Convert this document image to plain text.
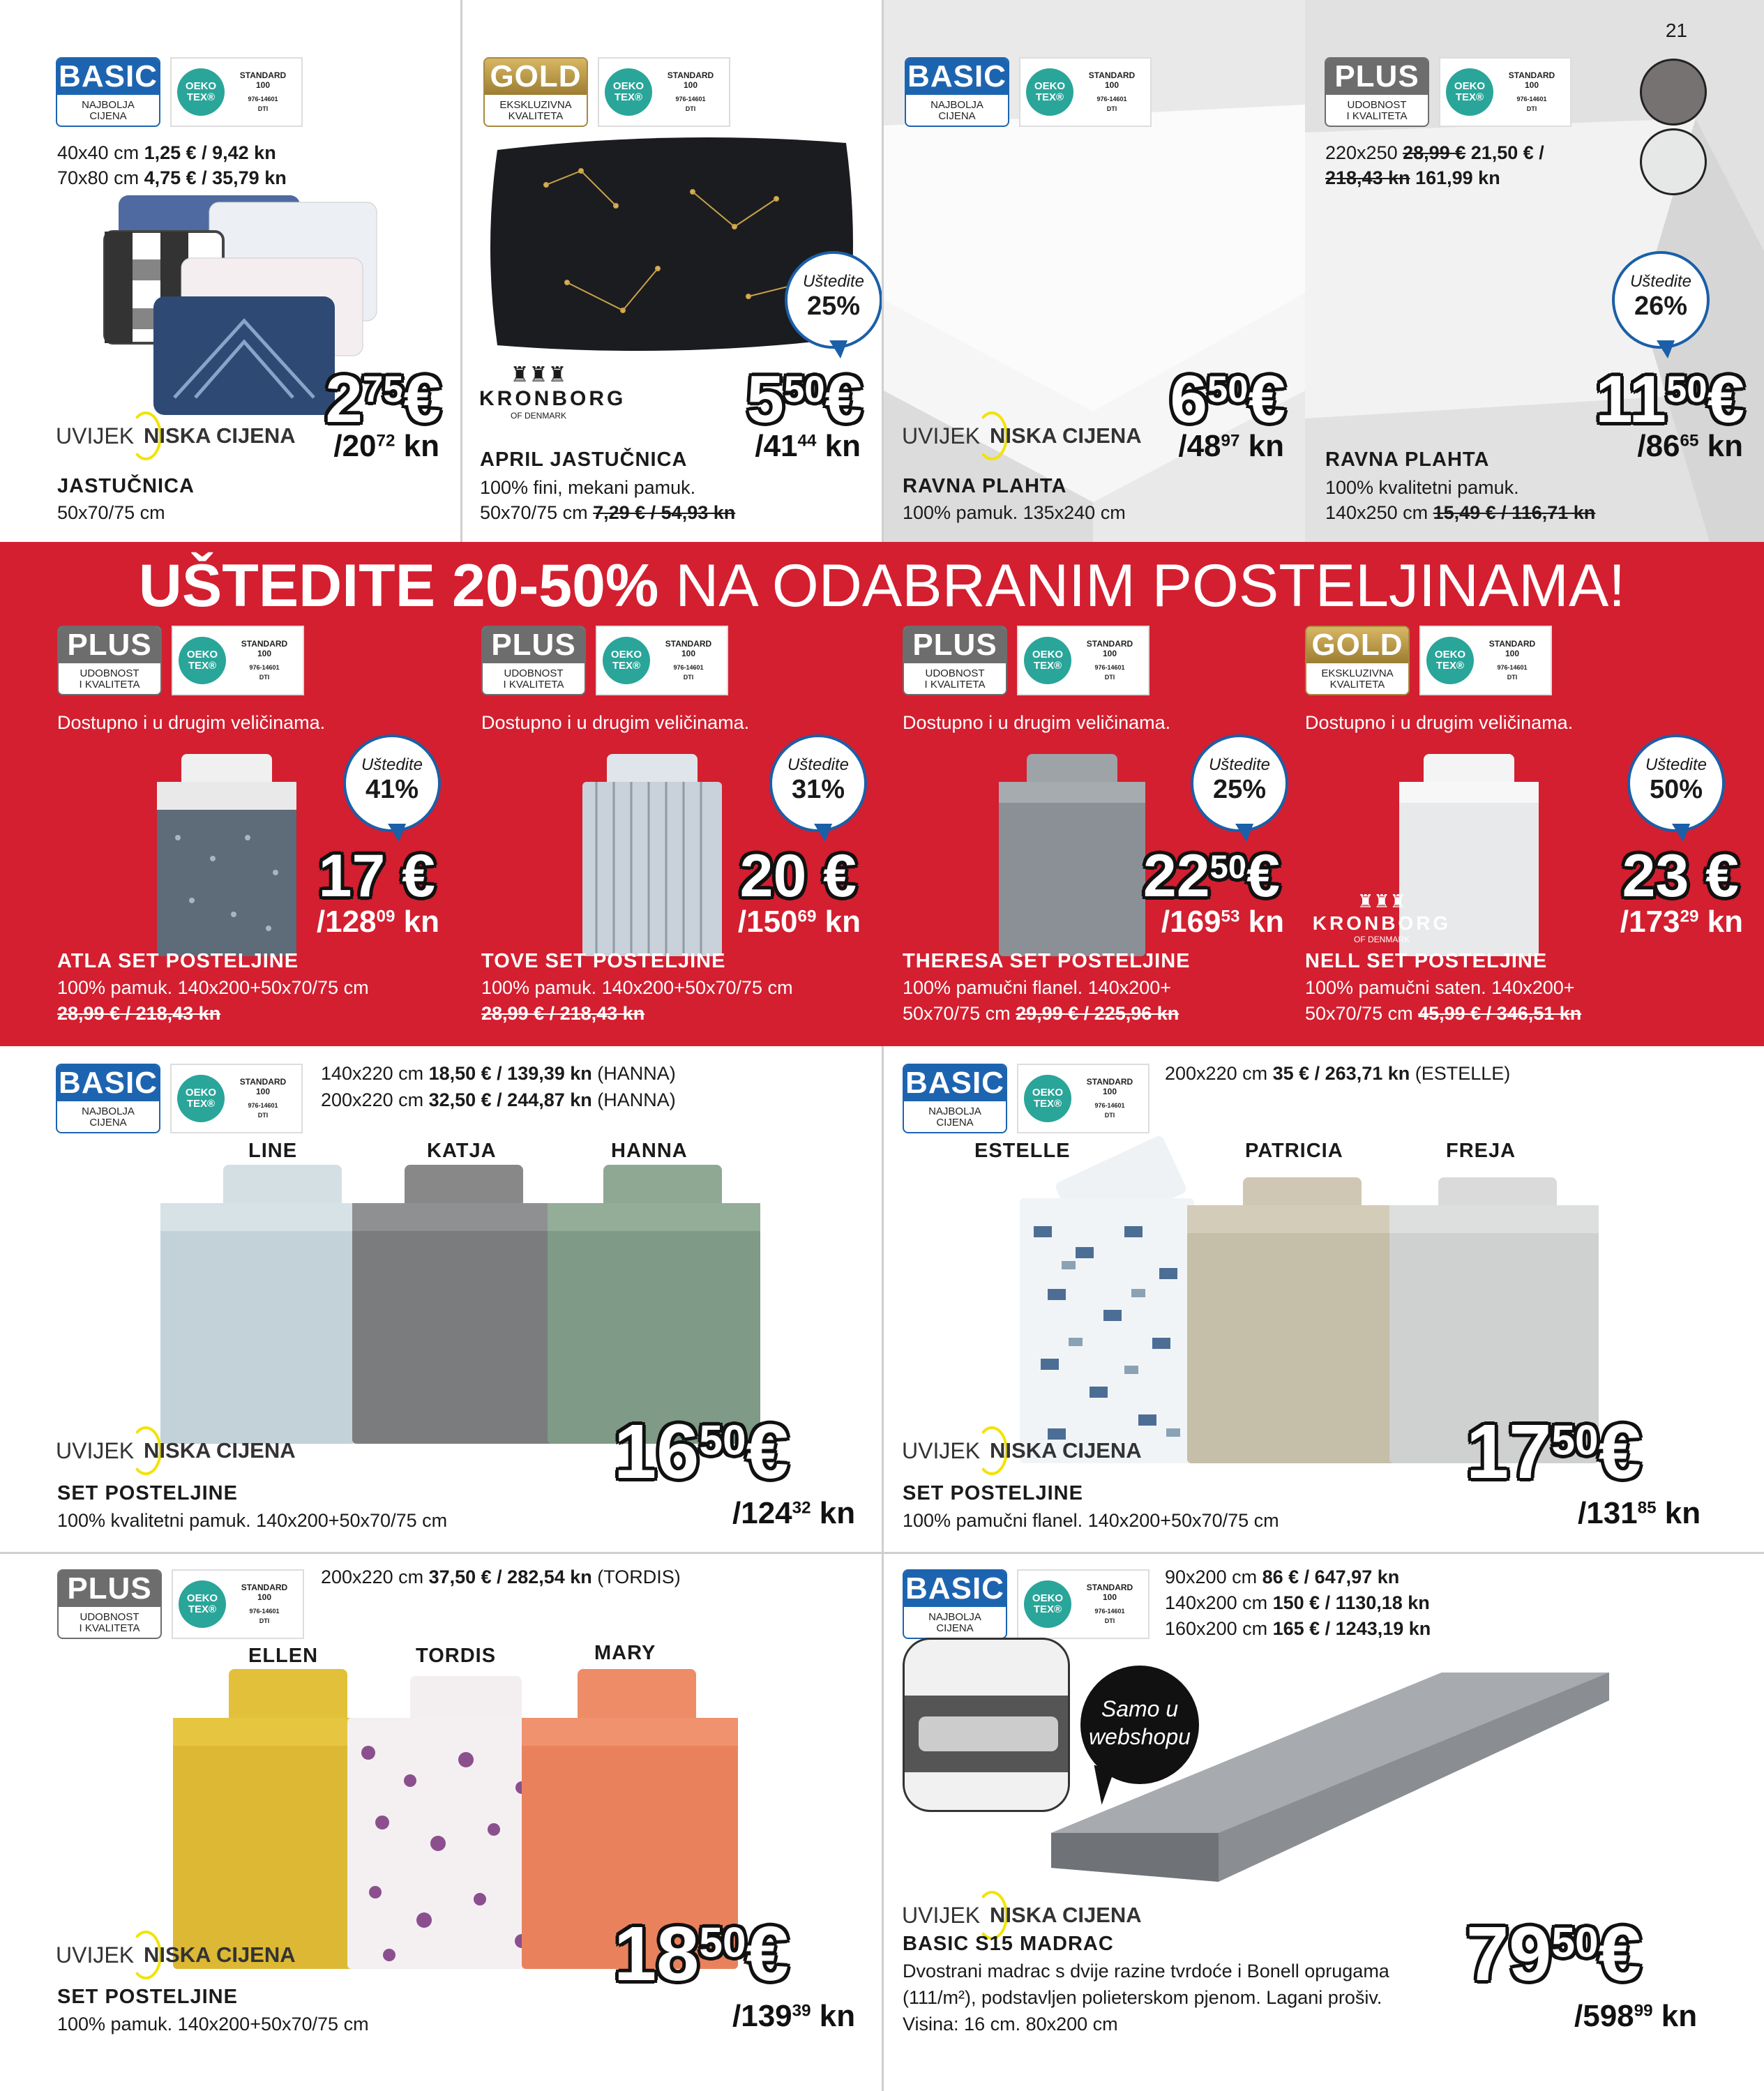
BASIC
NAJBOLJA
CIJENA
OEKO
TEX®
STANDARD
100
976-14601
DTI
40x40 cm 1,25 € / 9,42 kn
70x80 cm 4,75 € / 35,79 kn
UVIJEK NISKA CIJENA $2^{75}€$
$/20^{72}$ kn
JASTUČNICA
50x70/75 cm
GOLD
EKSKLUZIVNA
KVALITETA
OEKO
TEX®
STANDARD
100
976-14601
DTI
Uštedite
25%
♜♜♜
KRONBORG
OF DENMARK	$5^{50}€$
$/41^{44}$ kn
APRIL JASTUČNICA
100% fini, mekani pamuk.
50x70/75 cm 7,29 € / 54,93 kn
BASIC
NAJBOLJA
CIJENA
OEKO
TEX®
STANDARD
100
976-14601
DTI
UVIJEK NISKA CIJENA $6^{50}€$
$/48^{97}$ kn
RAVNA PLAHTA
100% pamuk. 135x240 cm
21
PLUS
UDOBNOST
I KVALITETA
OEKO
TEX®
STANDARD
100
976-14601
DTI
220x250 28,99 € 21,50 € /
218,43 kn 161,99 kn
Uštedite
26%
$11^{50}€$
$/86^{65}$ kn
RAVNA PLAHTA
100% kvalitetni pamuk.
140x250 cm 15,49 € / 116,71 kn
UŠTEDITE 20-50% NA ODABRANIM POSTELJINAMA!
PLUS
UDOBNOST
I KVALITETA
OEKO
TEX®
STANDARD
100
976-14601
DTI
Dostupno i u drugim veličinama.
Uštedite
41%
17 €
$/128^{09}$ kn
ATLA SET POSTELJINE
100% pamuk. 140x200+50x70/75 cm
28,99 € / 218,43 kn
PLUS
UDOBNOST
I KVALITETA
OEKO
TEX®
STANDARD
100
976-14601
DTI
Dostupno i u drugim veličinama.
Uštedite
31%
20 €
$/150^{69}$ kn
TOVE SET POSTELJINE
100% pamuk. 140x200+50x70/75 cm
28,99 € / 218,43 kn
PLUS
UDOBNOST
I KVALITETA
OEKO
TEX®
STANDARD
100
976-14601
DTI
Dostupno i u drugim veličinama.
Uštedite
25%
$22^{50}€$
$/169^{53}$ kn
THERESA SET POSTELJINE
100% pamučni flanel. 140x200+
50x70/75 cm 29,99 € / 225,96 kn
GOLD
EKSKLUZIVNA
KVALITETA
OEKO
TEX®
STANDARD
100
976-14601
DTI
Dostupno i u drugim veličinama.
♜♜♜
KRONBORG
OF DENMARK
Uštedite
50%
23 €
$/173^{29}$ kn
NELL SET POSTELJINE
100% pamučni saten. 140x200+
50x70/75 cm 45,99 € / 346,51 kn
BASIC
NAJBOLJA
CIJENA
OEKO
TEX®
STANDARD
100
976-14601
DTI
140x220 cm 18,50 € / 139,39 kn (HANNA)
200x220 cm 32,50 € / 244,87 kn (HANNA)
LINE	KATJA	HANNA
UVIJEK NISKA CIJENA	$16^{50}€$
$/124^{32}$ kn
SET POSTELJINE
100% kvalitetni pamuk. 140x200+50x70/75 cm
BASIC
NAJBOLJA
CIJENA
OEKO
TEX®
STANDARD
100
976-14601
DTI
200x220 cm 35 € / 263,71 kn (ESTELLE)
ESTELLE	PATRICIA	FREJA
UVIJEK NISKA CIJENA	$17^{50}€$
$/131^{85}$ kn
SET POSTELJINE
100% pamučni flanel. 140x200+50x70/75 cm
PLUS
UDOBNOST
I KVALITETA
OEKO
TEX®
STANDARD
100
976-14601
DTI
200x220 cm 37,50 € / 282,54 kn (TORDIS)
ELLEN	TORDIS	MARY
UVIJEK NISKA CIJENA	$18^{50}€$
$/139^{39}$ kn
SET POSTELJINE
100% pamuk. 140x200+50x70/75 cm
BASIC
NAJBOLJA
CIJENA
OEKO
TEX®
STANDARD
100
976-14601
DTI
90x200 cm 86 € / 647,97 kn
140x200 cm 150 € / 1130,18 kn
160x200 cm 165 € / 1243,19 kn
Samo u
webshopu
UVIJEK NISKA CIJENA	$79^{50}€$
$/598^{99}$ kn
BASIC S15 MADRAC
Dvostrani madrac s dvije razine tvrdoće i Bonell oprugama
(111/m²), podstavljen polieterskom pjenom. Lagani prošiv.
Visina: 16 cm. 80x200 cm
